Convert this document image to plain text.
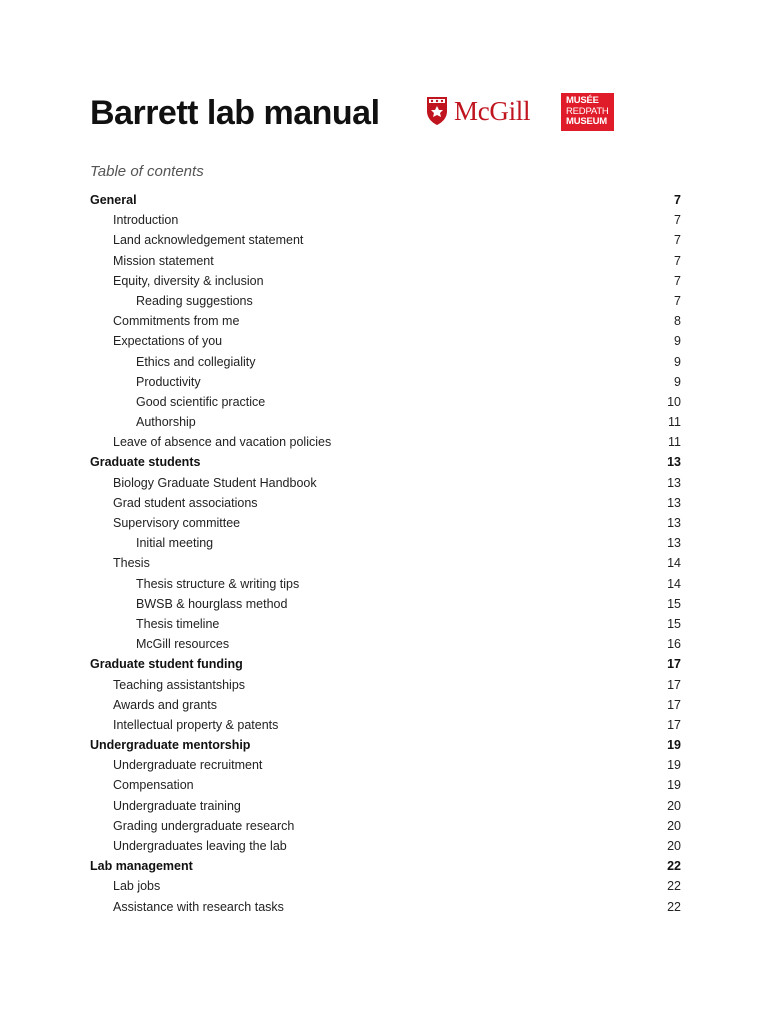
Barrett lab manual	McGill	MUSÉE
REDPATH
MUSEUM
Table of contents
General	7
Introduction	7
Land acknowledgement statement	7
Mission statement	7
Equity, diversity & inclusion	7
Reading suggestions	7
Commitments from me	8
Expectations of you	9
Ethics and collegiality	9
Productivity	9
Good scientific practice	10
Authorship	11
Leave of absence and vacation policies	11
Graduate students	13
Biology Graduate Student Handbook	13
Grad student associations	13
Supervisory committee	13
Initial meeting	13
Thesis	14
Thesis structure & writing tips	14
BWSB & hourglass method	15
Thesis timeline	15
McGill resources	16
Graduate student funding	17
Teaching assistantships	17
Awards and grants	17
Intellectual property & patents	17
Undergraduate mentorship	19
Undergraduate recruitment	19
Compensation	19
Undergraduate training	20
Grading undergraduate research	20
Undergraduates leaving the lab	20
Lab management	22
Lab jobs	22
Assistance with research tasks	22
